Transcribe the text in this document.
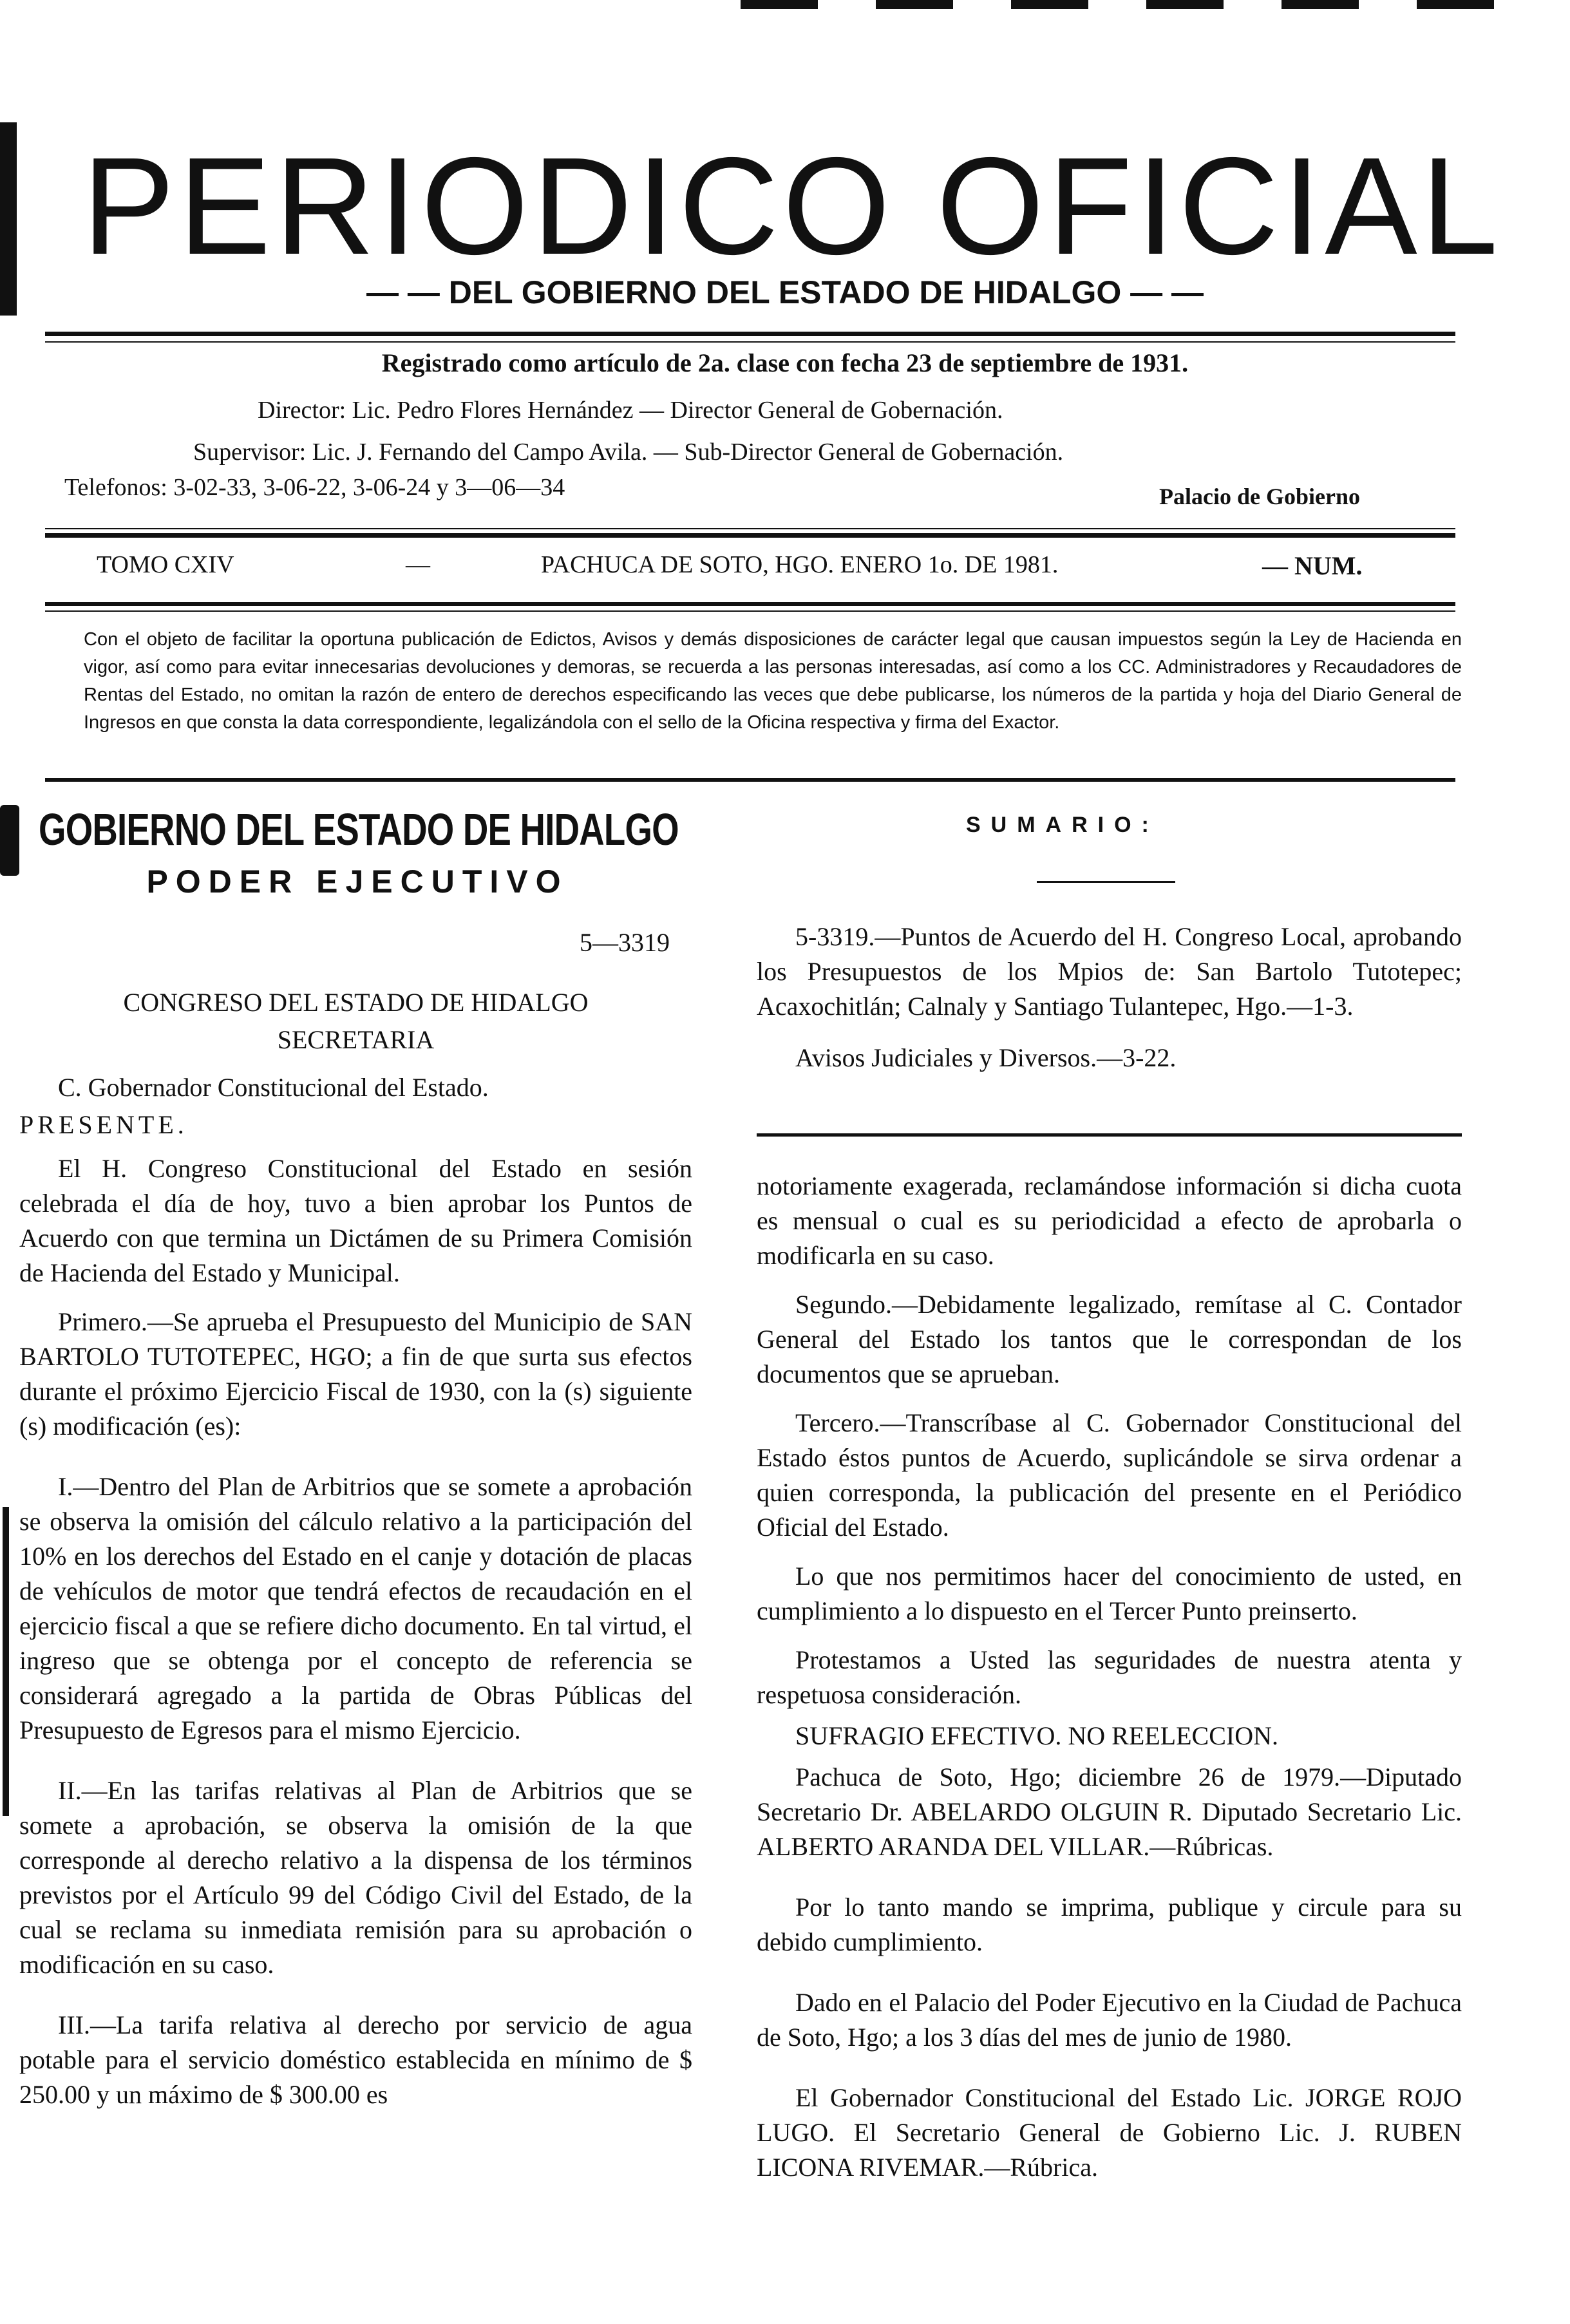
PERIODICO OFICIAL
— — DEL GOBIERNO DEL ESTADO DE HIDALGO — —
Registrado como artículo de 2a. clase con fecha 23 de septiembre de 1931.
Director: Lic. Pedro Flores Hernández — Director General de Gobernación.
Supervisor: Lic. J. Fernando del Campo Avila. — Sub-Director General de Gobernación.
Telefonos: 3-02-33, 3-06-22, 3-06-24 y 3—06—34	Palacio de Gobierno
TOMO CXIV	—	PACHUCA DE SOTO, HGO. ENERO 1o. DE 1981.	— NUM.
Con el objeto de facilitar la oportuna publicación de Edictos, Avisos y demás disposiciones de carácter legal que causan impuestos según la Ley de Hacienda en vigor, así como para evitar innecesarias devoluciones y demoras, se recuerda a las personas interesadas, así como a los CC. Administradores y Recaudadores de Rentas del Estado, no omitan la razón de entero de derechos especificando las veces que debe publicarse, los números de la partida y hoja del Diario General de Ingresos en que consta la data correspondiente, legalizándola con el sello de la Oficina respectiva y firma del Exactor.
GOBIERNO DEL ESTADO DE HIDALGO
PODER EJECUTIVO
5—3319

CONGRESO DEL ESTADO DE HIDALGO

SECRETARIA

C. Gobernador Constitucional del Estado.

PRESENTE.

El H. Congreso Constitucional del Estado en sesión celebrada el día de hoy, tuvo a bien aprobar los Puntos de Acuerdo con que termina un Dictámen de su Primera Comisión de Hacienda del Estado y Municipal.

Primero.—Se aprueba el Presupuesto del Municipio de SAN BARTOLO TUTOTEPEC, HGO; a fin de que surta sus efectos durante el próximo Ejercicio Fiscal de 1930, con la (s) siguiente (s) modificación (es):

I.—Dentro del Plan de Arbitrios que se somete a aprobación se observa la omisión del cálculo relativo a la participación del 10% en los derechos del Estado en el canje y dotación de placas de vehículos de motor que tendrá efectos de recaudación en el ejercicio fiscal a que se refiere dicho documento. En tal virtud, el ingreso que se obtenga por el concepto de referencia se considerará agregado a la partida de Obras Públicas del Presupuesto de Egresos para el mismo Ejercicio.

II.—En las tarifas relativas al Plan de Arbitrios que se somete a aprobación, se observa la omisión de la que corresponde al derecho relativo a la dispensa de los términos previstos por el Artículo 99 del Código Civil del Estado, de la cual se reclama su inmediata remisión para su aprobación o modificación en su caso.

III.—La tarifa relativa al derecho por servicio de agua potable para el servicio doméstico establecida en mínimo de $ 250.00 y un máximo de $ 300.00 es

SUMARIO:

5-3319.—Puntos de Acuerdo del H. Congreso Local, aprobando los Presupuestos de los Mpios de: San Bartolo Tutotepec; Acaxochitlán; Calnaly y Santiago Tulantepec, Hgo.—1-3.

Avisos Judiciales y Diversos.—3-22.

notoriamente exagerada, reclamándose información si dicha cuota es mensual o cual es su periodicidad a efecto de aprobarla o modificarla en su caso.

Segundo.—Debidamente legalizado, remítase al C. Contador General del Estado los tantos que le correspondan de los documentos que se aprueban.

Tercero.—Transcríbase al C. Gobernador Constitucional del Estado éstos puntos de Acuerdo, suplicándole se sirva ordenar a quien corresponda, la publicación del presente en el Periódico Oficial del Estado.

Lo que nos permitimos hacer del conocimiento de usted, en cumplimiento a lo dispuesto en el Tercer Punto preinserto.

Protestamos a Usted las seguridades de nuestra atenta y respetuosa consideración.

SUFRAGIO EFECTIVO. NO REELECCION.

Pachuca de Soto, Hgo; diciembre 26 de 1979.—Diputado Secretario Dr. ABELARDO OLGUIN R. Diputado Secretario Lic. ALBERTO ARANDA DEL VILLAR.—Rúbricas.

Por lo tanto mando se imprima, publique y circule para su debido cumplimiento.

Dado en el Palacio del Poder Ejecutivo en la Ciudad de Pachuca de Soto, Hgo; a los 3 días del mes de junio de 1980.

El Gobernador Constitucional del Estado Lic. JORGE ROJO LUGO. El Secretario General de Gobierno Lic. J. RUBEN LICONA RIVEMAR.—Rúbrica.
